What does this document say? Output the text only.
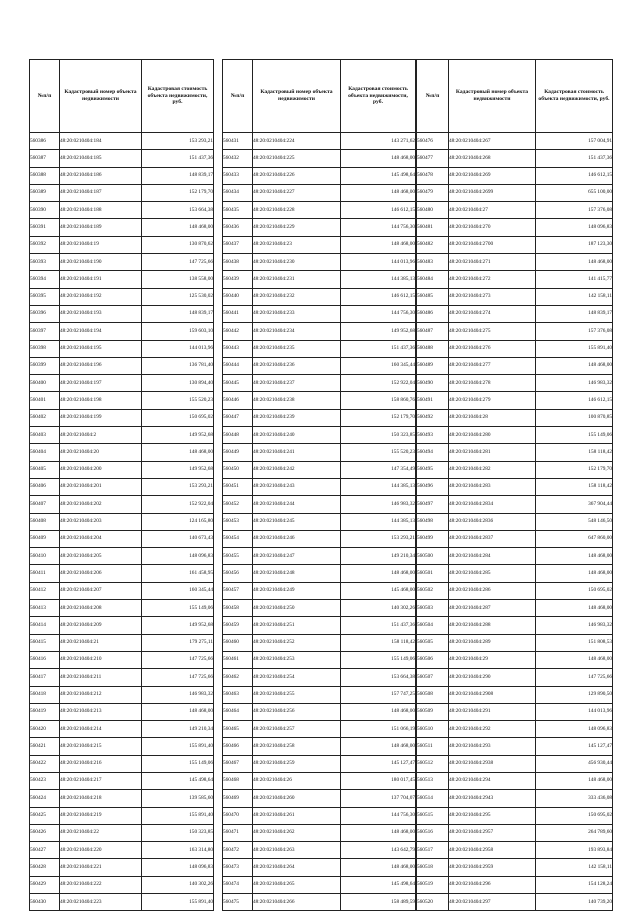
№п/п	Кадастровый номер объекта недвижимости	Кадастровая стоимость объекта недвижимости, руб.
560386	48:20:0210404:184	153 293,21
560387	48:20:0210404:185	151 437,36
560388	48:20:0210404:186	148 839,17
560389	48:20:0210404:187	152 179,70
560390	48:20:0210404:188	153 664,38
560391	48:20:0210404:189	148 468,00
560392	48:20:0210404:19	130 870,62
560393	48:20:0210404:190	147 725,66
560394	48:20:0210404:191	138 558,00
560395	48:20:0210404:192	125 530,02
560396	48:20:0210404:193	148 839,17
560397	48:20:0210404:194	159 603,10
560398	48:20:0210404:195	144 013,96
560399	48:20:0210404:196	136 781,40
560400	48:20:0210404:197	130 894,40
560401	48:20:0210404:198	155 520,23
560402	48:20:0210404:199	150 695,02
560403	48:20:0210404:2	149 952,68
560404	48:20:0210404:20	148 468,00
560405	48:20:0210404:200	149 952,68
560406	48:20:0210404:201	153 293,21
560407	48:20:0210404:202	152 922,04
560408	48:20:0210404:203	124 165,80
560409	48:20:0210404:204	140 673,43
560410	48:20:0210404:205	148 096,83
560411	48:20:0210404:206	161 458,95
560412	48:20:0210404:207	160 345,44
560413	48:20:0210404:208	155 149,06
560414	48:20:0210404:209	149 952,68
560415	48:20:0210404:21	179 275,11
560416	48:20:0210404:210	147 725,66
560417	48:20:0210404:211	147 725,66
560418	48:20:0210404:212	146 983,32
560419	48:20:0210404:213	148 468,00
560420	48:20:0210404:214	149 210,34
560421	48:20:0210404:215	155 891,40
560422	48:20:0210404:216	155 149,06
560423	48:20:0210404:217	145 498,64
560424	48:20:0210404:218	139 585,60
560425	48:20:0210404:219	155 891,40
560426	48:20:0210404:22	150 323,85
560427	48:20:0210404:220	163 314,80
560428	48:20:0210404:221	148 096,83
560429	48:20:0210404:222	140 302,26
560430	48:20:0210404:223	155 891,40
№п/п	Кадастровый номер объекта недвижимости	Кадастровая стоимость объекта недвижимости, руб.
560431	48:20:0210404:224	143 271,62
560432	48:20:0210404:225	148 468,00
560433	48:20:0210404:226	145 498,64
560434	48:20:0210404:227	148 468,00
560435	48:20:0210404:228	146 612,15
560436	48:20:0210404:229	144 756,30
560437	48:20:0210404:23	148 468,00
560438	48:20:0210404:230	144 013,96
560439	48:20:0210404:231	144 385,13
560440	48:20:0210404:232	146 612,15
560441	48:20:0210404:233	144 756,30
560442	48:20:0210404:234	149 952,68
560443	48:20:0210404:235	151 437,36
560444	48:20:0210404:236	160 345,44
560445	48:20:0210404:237	152 922,04
560446	48:20:0210404:238	158 860,76
560447	48:20:0210404:239	152 179,70
560448	48:20:0210404:240	150 323,85
560449	48:20:0210404:241	155 520,23
560450	48:20:0210404:242	147 354,49
560451	48:20:0210404:243	144 385,13
560452	48:20:0210404:244	146 983,32
560453	48:20:0210404:245	144 385,13
560454	48:20:0210404:246	153 293,21
560455	48:20:0210404:247	149 210,34
560456	48:20:0210404:248	148 468,00
560457	48:20:0210404:249	145 468,00
560458	48:20:0210404:250	140 302,26
560459	48:20:0210404:251	151 437,36
560460	48:20:0210404:252	158 118,42
560461	48:20:0210404:253	155 149,06
560462	48:20:0210404:254	153 664,38
560463	48:20:0210404:255	157 747,25
560464	48:20:0210404:256	148 468,00
560465	48:20:0210404:257	151 066,19
560466	48:20:0210404:258	148 468,00
560467	48:20:0210404:259	145 127,47
560468	48:20:0210404:26	180 017,45
560469	48:20:0210404:260	137 704,07
560470	48:20:0210404:261	144 756,30
560471	48:20:0210404:262	148 468,00
560472	48:20:0210404:263	143 642,79
560473	48:20:0210404:264	148 468,00
560474	48:20:0210404:265	145 498,64
560475	48:20:0210404:266	158 489,59
№п/п	Кадастровый номер объекта недвижимости	Кадастровая стоимость объекта недвижимости, руб.
560476	48:20:0210404:267	157 004,91
560477	48:20:0210404:268	151 437,36
560478	48:20:0210404:269	146 612,15
560479	48:20:0210404:2699	655 100,00
560480	48:20:0210404:27	157 376,08
560481	48:20:0210404:270	148 096,83
560482	48:20:0210404:2700	187 123,30
560483	48:20:0210404:271	148 468,00
560484	48:20:0210404:272	141 415,77
560485	48:20:0210404:273	142 158,11
560486	48:20:0210404:274	148 839,17
560487	48:20:0210404:275	157 376,08
560488	48:20:0210404:276	155 891,40
560489	48:20:0210404:277	148 468,00
560490	48:20:0210404:278	146 983,32
560491	48:20:0210404:279	146 612,15
560492	48:20:0210404:28	100 870,85
560493	48:20:0210404:280	155 149,06
560494	48:20:0210404:281	158 118,42
560495	48:20:0210404:282	152 179,70
560496	48:20:0210404:283	158 118,42
560497	48:20:0210404:2834	367 904,44
560498	48:20:0210404:2836	548 146,50
560499	48:20:0210404:2837	647 860,00
560500	48:20:0210404:284	148 468,00
560501	48:20:0210404:285	148 468,00
560502	48:20:0210404:286	150 695,02
560503	48:20:0210404:287	148 468,00
560504	48:20:0210404:288	146 983,32
560505	48:20:0210404:289	151 808,53
560506	48:20:0210404:29	148 468,00
560507	48:20:0210404:290	147 725,66
560508	48:20:0210404:2908	129 890,50
560509	48:20:0210404:291	144 013,96
560510	48:20:0210404:292	148 096,83
560511	48:20:0210404:293	145 127,47
560512	48:20:0210404:2938	456 930,44
560513	48:20:0210404:294	148 468,00
560514	48:20:0210404:2943	333 436,08
560515	48:20:0210404:295	150 695,02
560516	48:20:0210404:2957	264 789,60
560517	48:20:0210404:2958	193 893,84
560518	48:20:0210404:2959	142 158,11
560519	48:20:0210404:296	154 128,24
560520	48:20:0210404:297	140 739,20
